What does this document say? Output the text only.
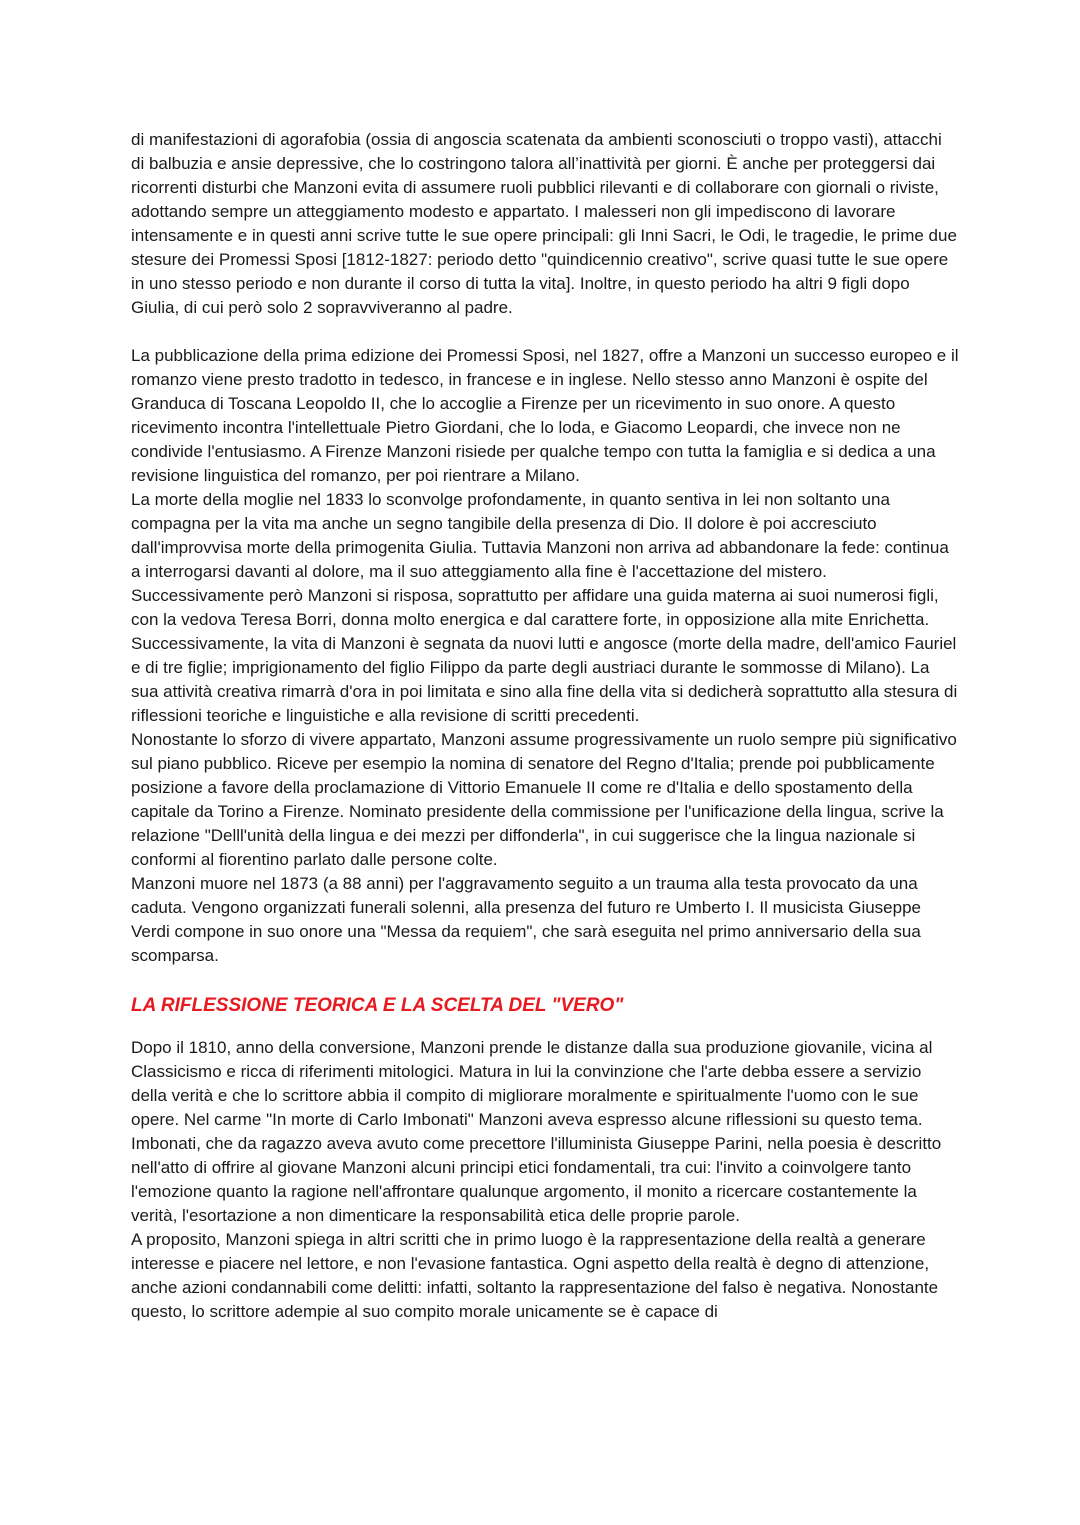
di manifestazioni di agorafobia (ossia di angoscia scatenata da ambienti sconosciuti o troppo vasti), attacchi di balbuzia e ansie depressive, che lo costringono talora all’inattività per giorni. È anche per proteggersi dai ricorrenti disturbi che Manzoni evita di assumere ruoli pubblici rilevanti e di collaborare con giornali o riviste, adottando sempre un atteggiamento modesto e appartato. I malesseri non gli impediscono di lavorare intensamente e in questi anni scrive tutte le sue opere principali: gli Inni Sacri, le Odi, le tragedie, le prime due stesure dei Promessi Sposi [1812-1827: periodo detto "quindicennio creativo", scrive quasi tutte le sue opere in uno stesso periodo e non durante il corso di tutta la vita]. Inoltre, in questo periodo ha altri 9 figli dopo Giulia, di cui però solo 2 sopravviveranno al padre.

La pubblicazione della prima edizione dei Promessi Sposi, nel 1827, offre a Manzoni un successo europeo e il romanzo viene presto tradotto in tedesco, in francese e in inglese. Nello stesso anno Manzoni è ospite del Granduca di Toscana Leopoldo II, che lo accoglie a Firenze per un ricevimento in suo onore. A questo ricevimento incontra l'intellettuale Pietro Giordani, che lo loda, e Giacomo Leopardi, che invece non ne condivide l'entusiasmo. A Firenze Manzoni risiede per qualche tempo con tutta la famiglia e si dedica a una revisione linguistica del romanzo, per poi rientrare a Milano.

La morte della moglie nel 1833 lo sconvolge profondamente, in quanto sentiva in lei non soltanto una compagna per la vita ma anche un segno tangibile della presenza di Dio. Il dolore è poi accresciuto dall'improvvisa morte della primogenita Giulia. Tuttavia Manzoni non arriva ad abbandonare la fede: continua a interrogarsi davanti al dolore, ma il suo atteggiamento alla fine è l'accettazione del mistero. Successivamente però Manzoni si risposa, soprattutto per affidare una guida materna ai suoi numerosi figli, con la vedova Teresa Borri, donna molto energica e dal carattere forte, in opposizione alla mite Enrichetta. Successivamente, la vita di Manzoni è segnata da nuovi lutti e angosce (morte della madre, dell'amico Fauriel e di tre figlie; imprigionamento del figlio Filippo da parte degli austriaci durante le sommosse di Milano). La sua attività creativa rimarrà d'ora in poi limitata e sino alla fine della vita si dedicherà soprattutto alla stesura di riflessioni teoriche e linguistiche e alla revisione di scritti precedenti.

Nonostante lo sforzo di vivere appartato, Manzoni assume progressivamente un ruolo sempre più significativo sul piano pubblico. Riceve per esempio la nomina di senatore del Regno d'Italia; prende poi pubblicamente posizione a favore della proclamazione di Vittorio Emanuele II come re d'Italia e dello spostamento della capitale da Torino a Firenze. Nominato presidente della commissione per l'unificazione della lingua, scrive la relazione "Delll'unità della lingua e dei mezzi per diffonderla", in cui suggerisce che la lingua nazionale si conformi al fiorentino parlato dalle persone colte.

Manzoni muore nel 1873 (a 88 anni) per l'aggravamento seguito a un trauma alla testa provocato da una caduta. Vengono organizzati funerali solenni, alla presenza del futuro re Umberto I. Il musicista Giuseppe Verdi compone in suo onore una "Messa da requiem", che sarà eseguita nel primo anniversario della sua scomparsa.

LA RIFLESSIONE TEORICA E LA SCELTA DEL "VERO"

Dopo il 1810, anno della conversione, Manzoni prende le distanze dalla sua produzione giovanile, vicina al Classicismo e ricca di riferimenti mitologici. Matura in lui la convinzione che l'arte debba essere a servizio della verità e che lo scrittore abbia il compito di migliorare moralmente e spiritualmente l'uomo con le sue opere. Nel carme "In morte di Carlo Imbonati" Manzoni aveva espresso alcune riflessioni su questo tema. Imbonati, che da ragazzo aveva avuto come precettore l'illuminista Giuseppe Parini, nella poesia è descritto nell'atto di offrire al giovane Manzoni alcuni principi etici fondamentali, tra cui: l'invito a coinvolgere tanto l'emozione quanto la ragione nell'affrontare qualunque argomento, il monito a ricercare costantemente la verità, l'esortazione a non dimenticare la responsabilità etica delle proprie parole.

A proposito, Manzoni spiega in altri scritti che in primo luogo è la rappresentazione della realtà a generare interesse e piacere nel lettore, e non l'evasione fantastica. Ogni aspetto della realtà è degno di attenzione, anche azioni condannabili come delitti: infatti, soltanto la rappresentazione del falso è negativa. Nonostante questo, lo scrittore adempie al suo compito morale unicamente se è capace di
